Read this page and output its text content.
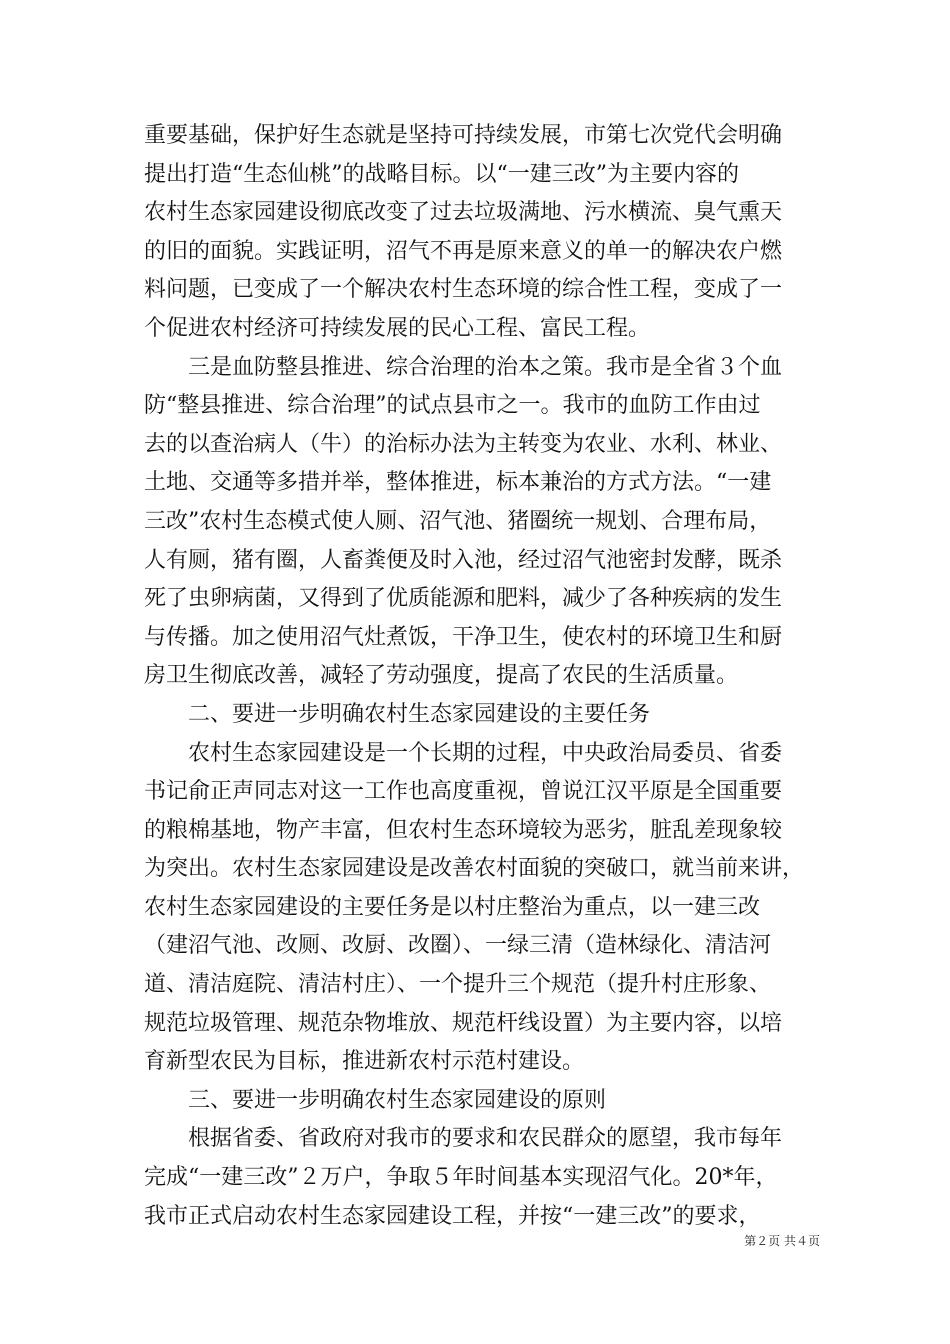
重要基础，保护好生态就是坚持可持续发展，市第七次党代会明确
提出打造“生态仙桃”的战略目标。以“一建三改”为主要内容的
农村生态家园建设彻底改变了过去垃圾满地、污水横流、臭气熏天
的旧的面貌。实践证明，沼气不再是原来意义的单一的解决农户燃
料问题，已变成了一个解决农村生态环境的综合性工程，变成了一
个促进农村经济可持续发展的民心工程、富民工程。
三是血防整县推进、综合治理的治本之策。我市是全省３个血
防“整县推进、综合治理”的试点县市之一。我市的血防工作由过
去的以查治病人（牛）的治标办法为主转变为农业、水利、林业、
土地、交通等多措并举，整体推进，标本兼治的方式方法。“一建
三改”农村生态模式使人厕、沼气池、猪圈统一规划、合理布局，
人有厕，猪有圈，人畜粪便及时入池，经过沼气池密封发酵，既杀
死了虫卵病菌，又得到了优质能源和肥料，减少了各种疾病的发生
与传播。加之使用沼气灶煮饭，干净卫生，使农村的环境卫生和厨
房卫生彻底改善，减轻了劳动强度，提高了农民的生活质量。
二、要进一步明确农村生态家园建设的主要任务
农村生态家园建设是一个长期的过程，中央政治局委员、省委
书记俞正声同志对这一工作也高度重视，曾说江汉平原是全国重要
的粮棉基地，物产丰富，但农村生态环境较为恶劣，脏乱差现象较
为突出。农村生态家园建设是改善农村面貌的突破口，就当前来讲，
农村生态家园建设的主要任务是以村庄整治为重点，以一建三改
（建沼气池、改厕、改厨、改圈）、一绿三清（造林绿化、清洁河
道、清洁庭院、清洁村庄）、一个提升三个规范（提升村庄形象、
规范垃圾管理、规范杂物堆放、规范杆线设置）为主要内容，以培
育新型农民为目标，推进新农村示范村建设。
三、要进一步明确农村生态家园建设的原则
根据省委、省政府对我市的要求和农民群众的愿望，我市每年
完成“一建三改”２万户，争取５年时间基本实现沼气化。20*年，
我市正式启动农村生态家园建设工程，并按“一建三改”的要求，
第２页 共４页
